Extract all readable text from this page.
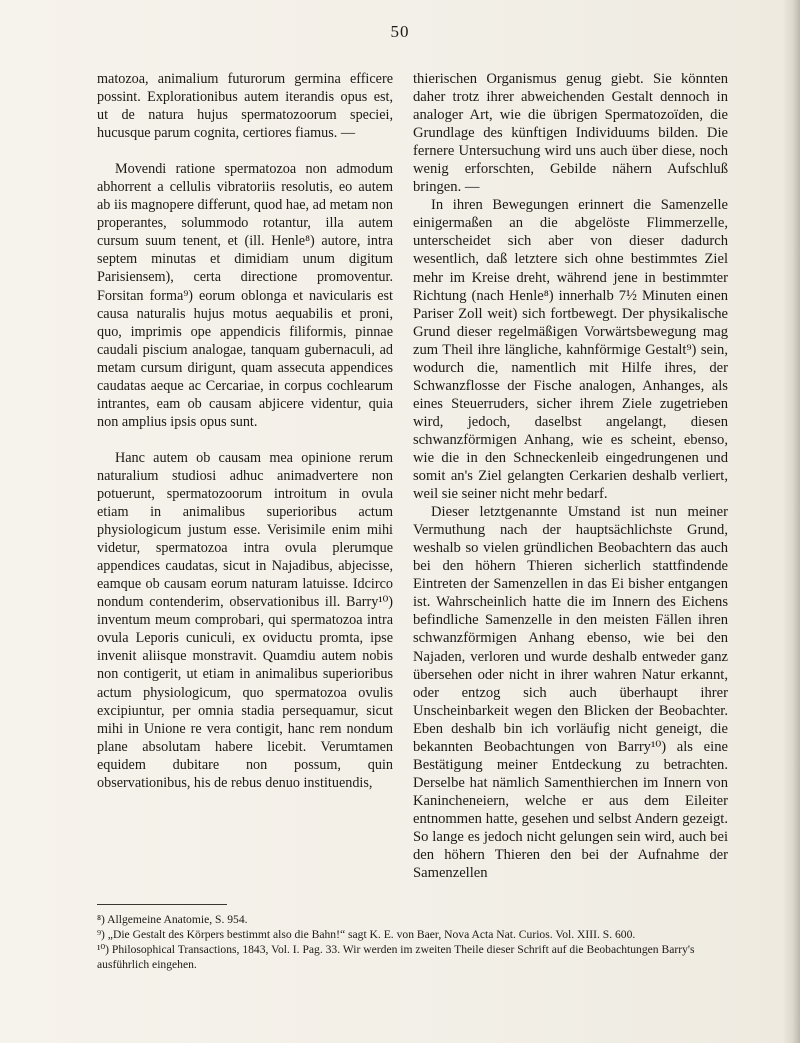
50

matozoa, animalium futurorum germina efficere possint. Explorationibus autem iterandis opus est, ut de natura hujus spermatozoorum speciei, hucusque parum cognita, certiores fiamus. —

Movendi ratione spermatozoa non admodum abhorrent a cellulis vibratoriis resolutis, eo autem ab iis magnopere differunt, quod hae, ad metam non properantes, solummodo rotantur, illa autem cursum suum tenent, et (ill. Henle⁸) autore, intra septem minutas et dimidiam unum digitum Parisiensem), certa directione promoventur. Forsitan forma⁹) eorum oblonga et navicularis est causa naturalis hujus motus aequabilis et proni, quo, imprimis ope appendicis filiformis, pinnae caudali piscium analogae, tanquam gubernaculi, ad metam cursum dirigunt, quam assecuta appendices caudatas aeque ac Cercariae, in corpus cochlearum intrantes, eam ob causam abjicere videntur, quia non amplius ipsis opus sunt.

Hanc autem ob causam mea opinione rerum naturalium studiosi adhuc animadvertere non potuerunt, spermatozoorum introitum in ovula etiam in animalibus superioribus actum physiologicum justum esse. Verisimile enim mihi videtur, spermatozoa intra ovula plerumque appendices caudatas, sicut in Najadibus, abjecisse, eamque ob causam eorum naturam latuisse. Idcirco nondum contenderim, observationibus ill. Barry¹⁰) inventum meum comprobari, qui spermatozoa intra ovula Leporis cuniculi, ex oviductu promta, ipse invenit aliisque monstravit. Quamdiu autem nobis non contigerit, ut etiam in animalibus superioribus actum physiologicum, quo spermatozoa ovulis excipiuntur, per omnia stadia persequamur, sicut mihi in Unione re vera contigit, hanc rem nondum plane absolutam habere licebit. Verumtamen equidem dubitare non possum, quin observationibus, his de rebus denuo instituendis,

thierischen Organismus genug giebt. Sie könnten daher trotz ihrer abweichenden Gestalt dennoch in analoger Art, wie die übrigen Spermatozoïden, die Grundlage des künftigen Individuums bilden. Die fernere Untersuchung wird uns auch über diese, noch wenig erforschten, Gebilde nähern Aufschluß bringen. —

In ihren Bewegungen erinnert die Samenzelle einigermaßen an die abgelöste Flimmerzelle, unterscheidet sich aber von dieser dadurch wesentlich, daß letztere sich ohne bestimmtes Ziel mehr im Kreise dreht, während jene in bestimmter Richtung (nach Henle⁸) innerhalb 7½ Minuten einen Pariser Zoll weit) sich fortbewegt. Der physikalische Grund dieser regelmäßigen Vorwärtsbewegung mag zum Theil ihre längliche, kahnförmige Gestalt⁹) sein, wodurch die, namentlich mit Hilfe ihres, der Schwanzflosse der Fische analogen, Anhanges, als eines Steuerruders, sicher ihrem Ziele zugetrieben wird, jedoch, daselbst angelangt, diesen schwanzförmigen Anhang, wie es scheint, ebenso, wie die in den Schneckenleib eingedrungenen und somit an's Ziel gelangten Cerkarien deshalb verliert, weil sie seiner nicht mehr bedarf.

Dieser letztgenannte Umstand ist nun meiner Vermuthung nach der hauptsächlichste Grund, weshalb so vielen gründlichen Beobachtern das auch bei den höhern Thieren sicherlich stattfindende Eintreten der Samenzellen in das Ei bisher entgangen ist. Wahrscheinlich hatte die im Innern des Eichens befindliche Samenzelle in den meisten Fällen ihren schwanzförmigen Anhang ebenso, wie bei den Najaden, verloren und wurde deshalb entweder ganz übersehen oder nicht in ihrer wahren Natur erkannt, oder entzog sich auch überhaupt ihrer Unscheinbarkeit wegen den Blicken der Beobachter. Eben deshalb bin ich vorläufig nicht geneigt, die bekannten Beobachtungen von Barry¹⁰) als eine Bestätigung meiner Entdeckung zu betrachten. Derselbe hat nämlich Samenthierchen im Innern von Kanincheneiern, welche er aus dem Eileiter entnommen hatte, gesehen und selbst Andern gezeigt. So lange es jedoch nicht gelungen sein wird, auch bei den höhern Thieren den bei der Aufnahme der Samenzellen

⁸) Allgemeine Anatomie, S. 954.
⁹) „Die Gestalt des Körpers bestimmt also die Bahn!“ sagt K. E. von Baer, Nova Acta Nat. Curios. Vol. XIII. S. 600.
¹⁰) Philosophical Transactions, 1843, Vol. I. Pag. 33. Wir werden im zweiten Theile dieser Schrift auf die Beobachtungen Barry's ausführlich eingehen.
